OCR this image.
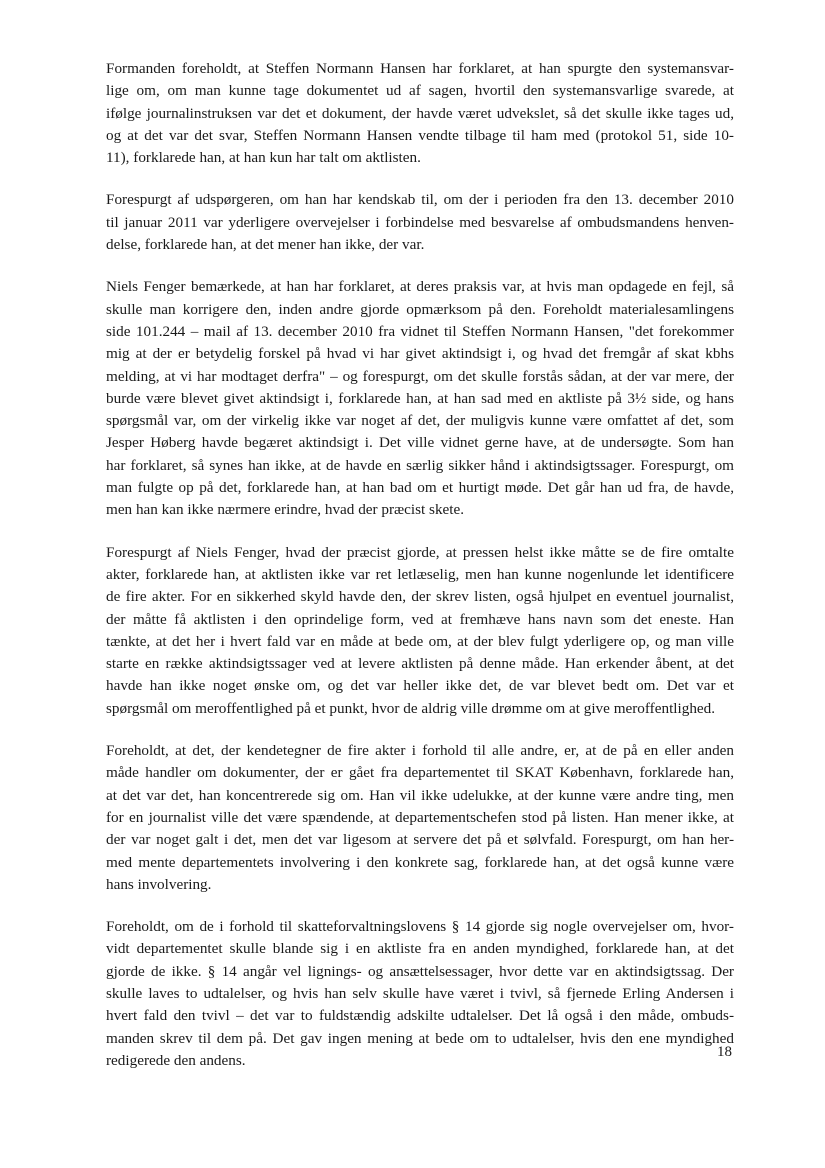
Formanden foreholdt, at Steffen Normann Hansen har forklaret, at han spurgte den systemansvar-
lige om, om man kunne tage dokumentet ud af sagen, hvortil den systemansvarlige svarede, at
ifølge journalinstruksen var det et dokument, der havde været udvekslet, så det skulle ikke tages ud,
og at det var det svar, Steffen Normann Hansen vendte tilbage til ham med (protokol 51, side 10-
11), forklarede han, at han kun har talt om aktlisten.

Forespurgt af udspørgeren, om han har kendskab til, om der i perioden fra den 13. december 2010
til januar 2011 var yderligere overvejelser i forbindelse med besvarelse af ombudsmandens henven-
delse, forklarede han, at det mener han ikke, der var.

Niels Fenger bemærkede, at han har forklaret, at deres praksis var, at hvis man opdagede en fejl, så
skulle man korrigere den, inden andre gjorde opmærksom på den. Foreholdt materialesamlingens
side 101.244 – mail af 13. december 2010 fra vidnet til Steffen Normann Hansen, "det forekommer
mig at der er betydelig forskel på hvad vi har givet aktindsigt i, og hvad det fremgår af skat kbhs
melding, at vi har modtaget derfra" – og forespurgt, om det skulle forstås sådan, at der var mere, der
burde være blevet givet aktindsigt i, forklarede han, at han sad med en aktliste på 3½ side, og hans
spørgsmål var, om der virkelig ikke var noget af det, der muligvis kunne være omfattet af det, som
Jesper Høberg havde begæret aktindsigt i. Det ville vidnet gerne have, at de undersøgte. Som han
har forklaret, så synes han ikke, at de havde en særlig sikker hånd i aktindsigtssager. Forespurgt, om
man fulgte op på det, forklarede han, at han bad om et hurtigt møde. Det går han ud fra, de havde,
men han kan ikke nærmere erindre, hvad der præcist skete.

Forespurgt af Niels Fenger, hvad der præcist gjorde, at pressen helst ikke måtte se de fire omtalte
akter, forklarede han, at aktlisten ikke var ret letlæselig, men han kunne nogenlunde let identificere
de fire akter. For en sikkerhed skyld havde den, der skrev listen, også hjulpet en eventuel journalist,
der måtte få aktlisten i den oprindelige form, ved at fremhæve hans navn som det eneste. Han
tænkte, at det her i hvert fald var en måde at bede om, at der blev fulgt yderligere op, og man ville
starte en række aktindsigtssager ved at levere aktlisten på denne måde. Han erkender åbent, at det
havde han ikke noget ønske om, og det var heller ikke det, de var blevet bedt om. Det var et
spørgsmål om meroffentlighed på et punkt, hvor de aldrig ville drømme om at give meroffentlighed.

Foreholdt, at det, der kendetegner de fire akter i forhold til alle andre, er, at de på en eller anden
måde handler om dokumenter, der er gået fra departementet til SKAT København, forklarede han,
at det var det, han koncentrerede sig om. Han vil ikke udelukke, at der kunne være andre ting, men
for en journalist ville det være spændende, at departementschefen stod på listen. Han mener ikke, at
der var noget galt i det, men det var ligesom at servere det på et sølvfald. Forespurgt, om han her-
med mente departementets involvering i den konkrete sag, forklarede han, at det også kunne være
hans involvering.

Foreholdt, om de i forhold til skatteforvaltningslovens § 14 gjorde sig nogle overvejelser om, hvor-
vidt departementet skulle blande sig i en aktliste fra en anden myndighed, forklarede han, at det
gjorde de ikke. § 14 angår vel lignings- og ansættelsessager, hvor dette var en aktindsigtssag. Der
skulle laves to udtalelser, og hvis han selv skulle have været i tvivl, så fjernede Erling Andersen i
hvert fald den tvivl – det var to fuldstændig adskilte udtalelser. Det lå også i den måde, ombuds-
manden skrev til dem på. Det gav ingen mening at bede om to udtalelser, hvis den ene myndighed
redigerede den andens.	18
